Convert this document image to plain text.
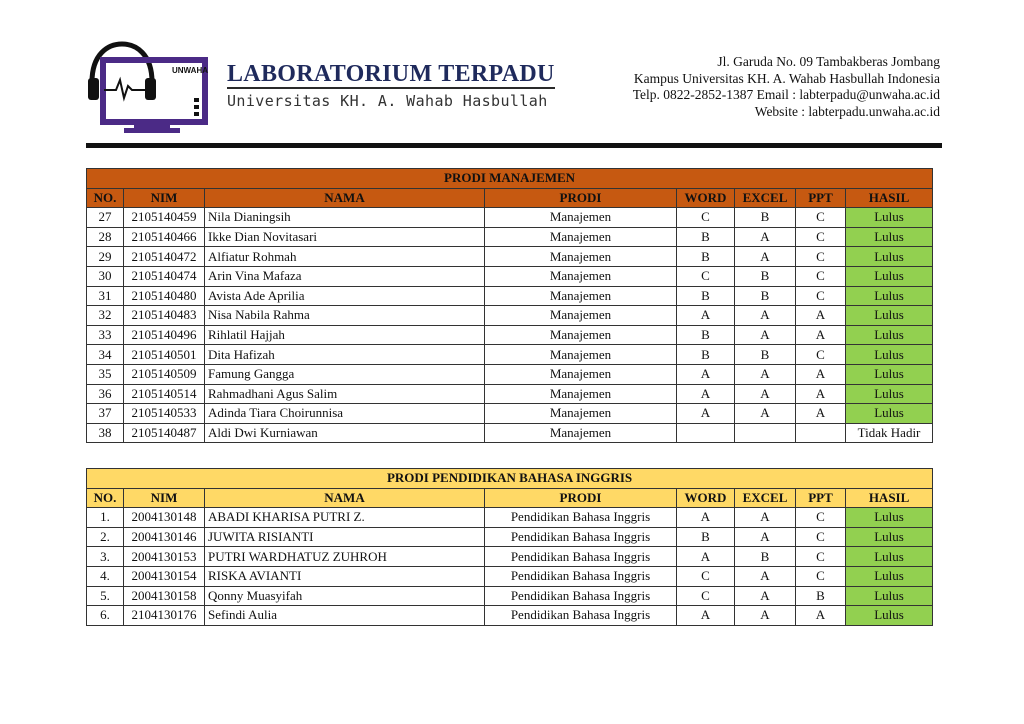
UNWAHA LABORATORIUM TERPADU
Universitas KH. A. Wahab Hasbullah
Jl. Garuda No. 09 Tambakberas Jombang
Kampus Universitas KH. A. Wahab Hasbullah Indonesia
Telp. 0822-2852-1387 Email : labterpadu@unwaha.ac.id
Website : labterpadu.unwaha.ac.id
PRODI MANAJEMEN							
NO.	NIM	NAMA	PRODI	WORD	EXCEL	PPT	HASIL
27	2105140459	Nila Dianingsih	Manajemen	C	B	C	Lulus
28	2105140466	Ikke Dian Novitasari	Manajemen	B	A	C	Lulus
29	2105140472	Alfiatur Rohmah	Manajemen	B	A	C	Lulus
30	2105140474	Arin Vina Mafaza	Manajemen	C	B	C	Lulus
31	2105140480	Avista Ade Aprilia	Manajemen	B	B	C	Lulus
32	2105140483	Nisa Nabila Rahma	Manajemen	A	A	A	Lulus
33	2105140496	Rihlatil Hajjah	Manajemen	B	A	A	Lulus
34	2105140501	Dita Hafizah	Manajemen	B	B	C	Lulus
35	2105140509	Famung Gangga	Manajemen	A	A	A	Lulus
36	2105140514	Rahmadhani Agus Salim	Manajemen	A	A	A	Lulus
37	2105140533	Adinda Tiara Choirunnisa	Manajemen	A	A	A	Lulus
38	2105140487	Aldi Dwi Kurniawan	Manajemen				Tidak Hadir
PRODI PENDIDIKAN BAHASA INGGRIS							
NO.	NIM	NAMA	PRODI	WORD	EXCEL	PPT	HASIL
1.	2004130148	ABADI KHARISA PUTRI Z.	Pendidikan Bahasa Inggris	A	A	C	Lulus
2.	2004130146	JUWITA RISIANTI	Pendidikan Bahasa Inggris	B	A	C	Lulus
3.	2004130153	PUTRI WARDHATUZ ZUHROH	Pendidikan Bahasa Inggris	A	B	C	Lulus
4.	2004130154	RISKA AVIANTI	Pendidikan Bahasa Inggris	C	A	C	Lulus
5.	2004130158	Qonny Muasyifah	Pendidikan Bahasa Inggris	C	A	B	Lulus
6.	2104130176	Sefindi Aulia	Pendidikan Bahasa Inggris	A	A	A	Lulus
